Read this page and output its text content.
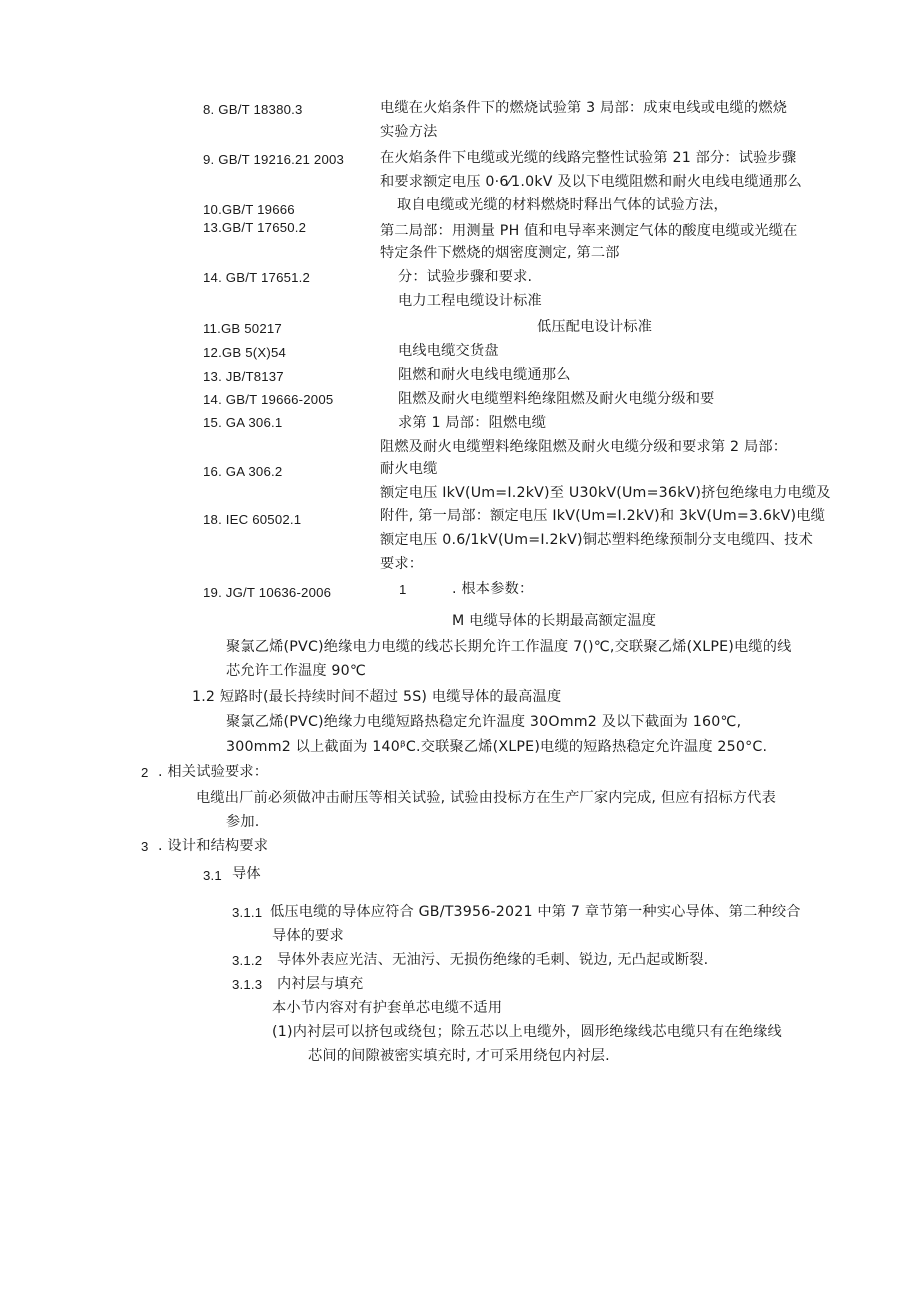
8. GB/T 18380.3	电缆在火焰条件下的燃烧试验第 3 局部：成束电线或电缆的燃烧
实验方法
9. GB/T 19216.21 2003	在火焰条件下电缆或光缆的线路完整性试验第 21 部分：试验步骤
和要求额定电压 0·6⁄1.0kV 及以下电缆阻燃和耐火电线电缆通那么
10.GB/T 19666	取自电缆或光缆的材料燃烧时释出气体的试验方法，
13.GB/T 17650.2	第二局部：用测量 PH 值和电导率来测定气体的酸度电缆或光缆在
特定条件下燃烧的烟密度测定, 第二部
14. GB/T 17651.2	分：试验步骤和要求.
电力工程电缆设计标准
11.GB 50217	低压配电设计标准
12.GB 5(X)54	电线电缆交货盘
13. JB/T8137	阻燃和耐火电线电缆通那么
14. GB/T 19666-2005	阻燃及耐火电缆塑料绝缘阻燃及耐火电缆分级和要
15. GA 306.1	求第 1 局部：阻燃电缆
阻燃及耐火电缆塑料绝缘阻燃及耐火电缆分级和要求第 2 局部：
16. GA 306.2	耐火电缆
额定电压 IkV(Um=I.2kV)至 U30kV(Um=36kV)挤包绝缘电力电缆及
18. IEC 60502.1	附件, 第一局部：额定电压 IkV(Um=I.2kV)和 3kV(Um=3.6kV)电缆
额定电压 0.6/1kV(Um=I.2kV)铜芯塑料绝缘预制分支电缆四、技术
要求：
19. JG/T 10636-2006	1	. 根本参数：
M 电缆导体的长期最高额定温度
聚氯乙烯(PVC)绝缘电力电缆的线芯长期允许工作温度 7()℃,交联聚乙烯(XLPE)电缆的线
芯允许工作温度 90℃
1.2 短路时(最长持续时间不超过 5S) 电缆导体的最高温度
聚氯乙烯(PVC)绝缘力电缆短路热稳定允许温度 30Omm2 及以下截面为 160℃,
300mm2 以上截面为 140ᵝC.交联聚乙烯(XLPE)电缆的短路热稳定允许温度 250°C.
2 . 相关试验要求：
电缆出厂前必须做冲击耐压等相关试验, 试验由投标方在生产厂家内完成, 但应有招标方代表
参加.
3 . 设计和结构要求
3.1 导体
3.1.1 低压电缆的导体应符合 GB/T3956-2021 中第 7 章节第一种实心导体、第二种绞合
导体的要求
3.1.2 导体外表应光洁、无油污、无损伤绝缘的毛刺、锐边, 无凸起或断裂.
3.1.3 内衬层与填充
本小节内容对有护套单芯电缆不适用
(1)内衬层可以挤包或绕包；除五芯以上电缆外，圆形绝缘线芯电缆只有在绝缘线
芯间的间隙被密实填充时, 才可采用绕包内衬层.
